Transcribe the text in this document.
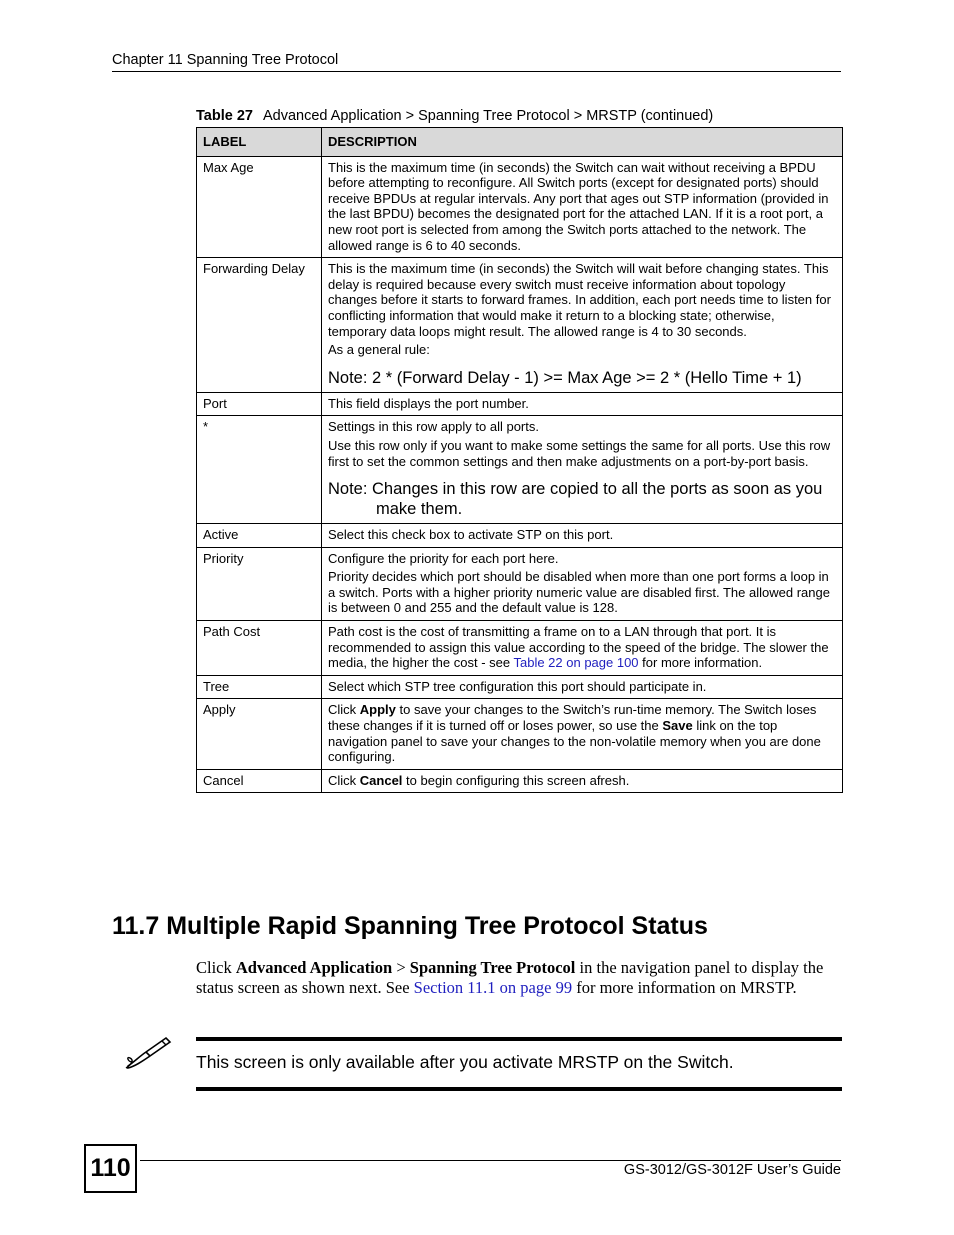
Chapter 11 Spanning Tree Protocol
Table 27 Advanced Application > Spanning Tree Protocol > MRSTP (continued)
LABEL	DESCRIPTION
Max Age	This is the maximum time (in seconds) the Switch can wait without receiving a BPDU before attempting to reconfigure. All Switch ports (except for designated ports) should receive BPDUs at regular intervals. Any port that ages out STP information (provided in the last BPDU) becomes the designated port for the attached LAN. If it is a root port, a new root port is selected from among the Switch ports attached to the network. The allowed range is 6 to 40 seconds.

Forwarding Delay	This is the maximum time (in seconds) the Switch will wait before changing states. This delay is required because every switch must receive information about topology changes before it starts to forward frames. In addition, each port needs time to listen for conflicting information that would make it return to a blocking state; otherwise, temporary data loops might result. The allowed range is 4 to 30 seconds.
As a general rule:
Note: 2 * (Forward Delay - 1) >= Max Age >= 2 * (Hello Time + 1)

Port	This field displays the port number.

*	Settings in this row apply to all ports.
Use this row only if you want to make some settings the same for all ports. Use this row first to set the common settings and then make adjustments on a port-by-port basis.
Note: Changes in this row are copied to all the ports as soon as you make them.

Active	Select this check box to activate STP on this port.

Priority	Configure the priority for each port here.
Priority decides which port should be disabled when more than one port forms a loop in a switch. Ports with a higher priority numeric value are disabled first. The allowed range is between 0 and 255 and the default value is 128.

Path Cost	Path cost is the cost of transmitting a frame on to a LAN through that port. It is recommended to assign this value according to the speed of the bridge. The slower the media, the higher the cost - see Table 22 on page 100 for more information.

Tree	Select which STP tree configuration this port should participate in.

Apply	Click Apply to save your changes to the Switch’s run-time memory. The Switch loses these changes if it is turned off or loses power, so use the Save link on the top navigation panel to save your changes to the non-volatile memory when you are done configuring.

Cancel	Click Cancel to begin configuring this screen afresh.
11.7 Multiple Rapid Spanning Tree Protocol Status
Click Advanced Application > Spanning Tree Protocol in the navigation panel to display the status screen as shown next. See Section 11.1 on page 99 for more information on MRSTP.
This screen is only available after you activate MRSTP on the Switch.
110	GS-3012/GS-3012F User’s Guide
